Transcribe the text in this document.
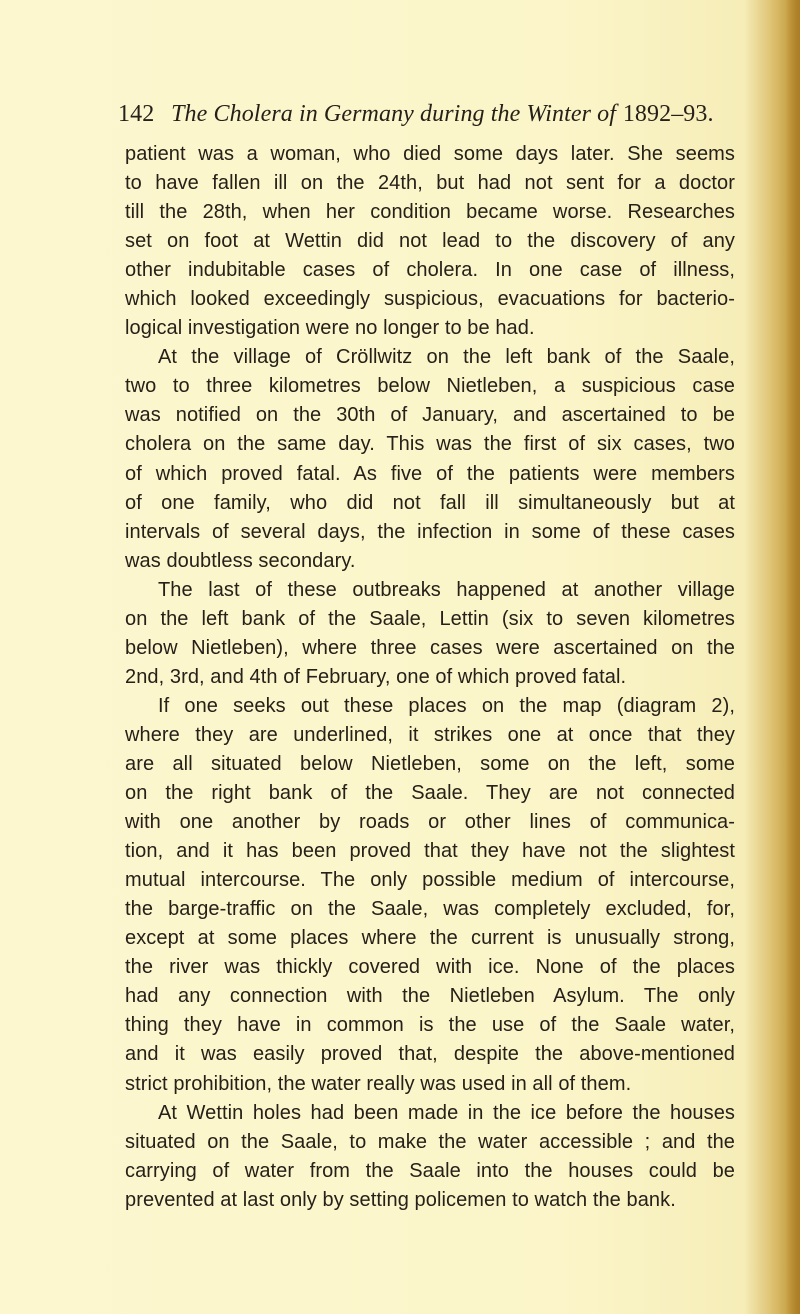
142 The Cholera in Germany during the Winter of 1892–93.
patient was a woman, who died some days later. She seems
to have fallen ill on the 24th, but had not sent for a doctor
till the 28th, when her condition became worse. Researches
set on foot at Wettin did not lead to the discovery of any
other indubitable cases of cholera. In one case of illness,
which looked exceedingly suspicious, evacuations for bacterio-
logical investigation were no longer to be had.
At the village of Cröllwitz on the left bank of the Saale,
two to three kilometres below Nietleben, a suspicious case
was notified on the 30th of January, and ascertained to be
cholera on the same day. This was the first of six cases, two
of which proved fatal. As five of the patients were members
of one family, who did not fall ill simultaneously but at
intervals of several days, the infection in some of these cases
was doubtless secondary.
The last of these outbreaks happened at another village
on the left bank of the Saale, Lettin (six to seven kilometres
below Nietleben), where three cases were ascertained on the
2nd, 3rd, and 4th of February, one of which proved fatal.
If one seeks out these places on the map (diagram 2),
where they are underlined, it strikes one at once that they
are all situated below Nietleben, some on the left, some
on the right bank of the Saale. They are not connected
with one another by roads or other lines of communica-
tion, and it has been proved that they have not the slightest
mutual intercourse. The only possible medium of intercourse,
the barge-traffic on the Saale, was completely excluded, for,
except at some places where the current is unusually strong,
the river was thickly covered with ice. None of the places
had any connection with the Nietleben Asylum. The only
thing they have in common is the use of the Saale water,
and it was easily proved that, despite the above-mentioned
strict prohibition, the water really was used in all of them.
At Wettin holes had been made in the ice before the houses
situated on the Saale, to make the water accessible ; and the
carrying of water from the Saale into the houses could be
prevented at last only by setting policemen to watch the bank.
